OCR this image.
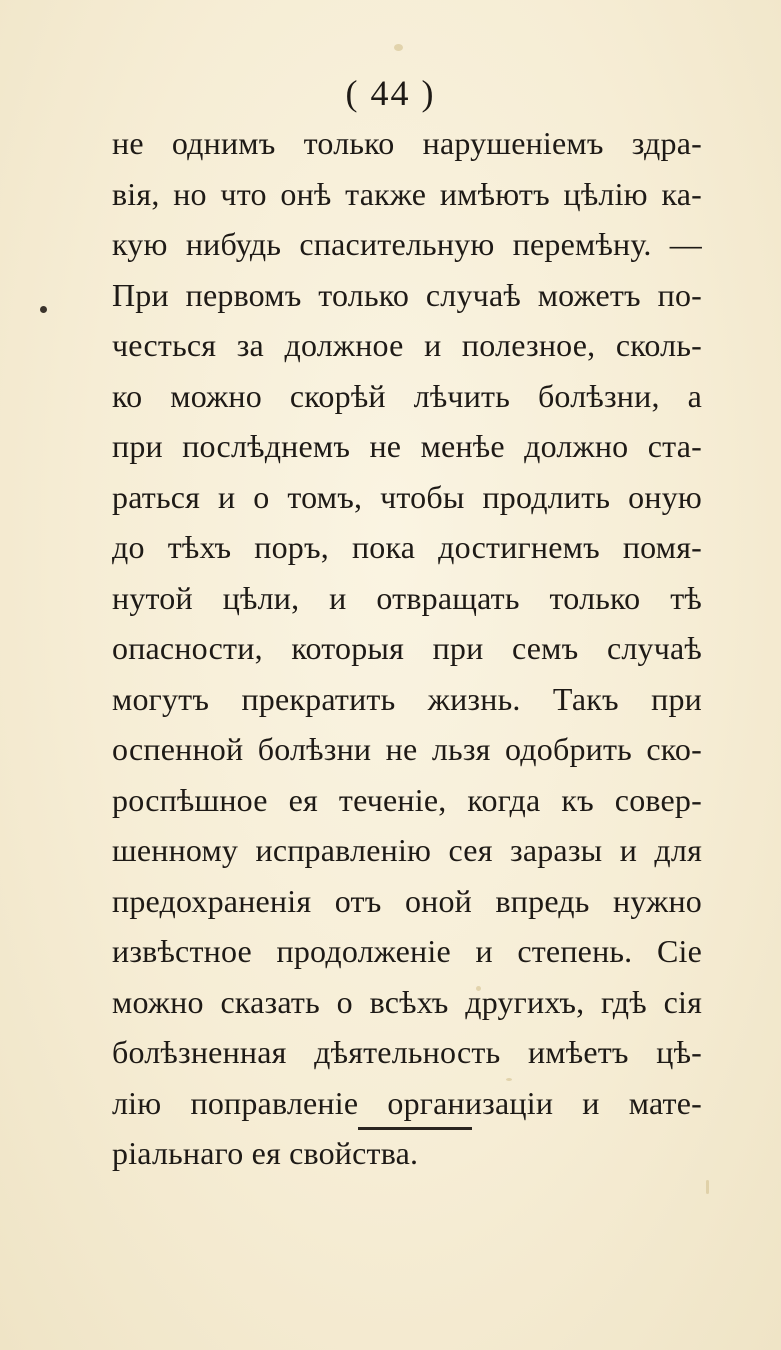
( 44 )
не однимъ только нарушенiемъ здра-
вiя, но что онѣ также имѣютъ цѣлiю ка-
кую нибудь спасительную перемѣну. —
При первомъ только случаѣ можетъ по-
честься за должное и полезное, сколь-
ко можно скорѣй лѣчить болѣзни, а
при послѣднемъ не менѣе должно ста-
раться и о томъ, чтобы продлить оную
до тѣхъ поръ, пока достигнемъ помя-
нутой цѣли, и отвращать только тѣ
опасности, которыя при семъ случаѣ
могутъ прекратить жизнь. Такъ при
оспенной болѣзни не льзя одобрить ско-
роспѣшное ея теченiе, когда къ совер-
шенному исправленiю сея заразы и для
предохраненiя отъ оной впредь нужно
извѣстное продолженiе и степень. Сiе
можно сказать о всѣхъ другихъ, гдѣ сiя
болѣзненная дѣятельность имѣетъ цѣ-
лiю поправленiе организацiи и мате-
рiальнаго ея свойства.
